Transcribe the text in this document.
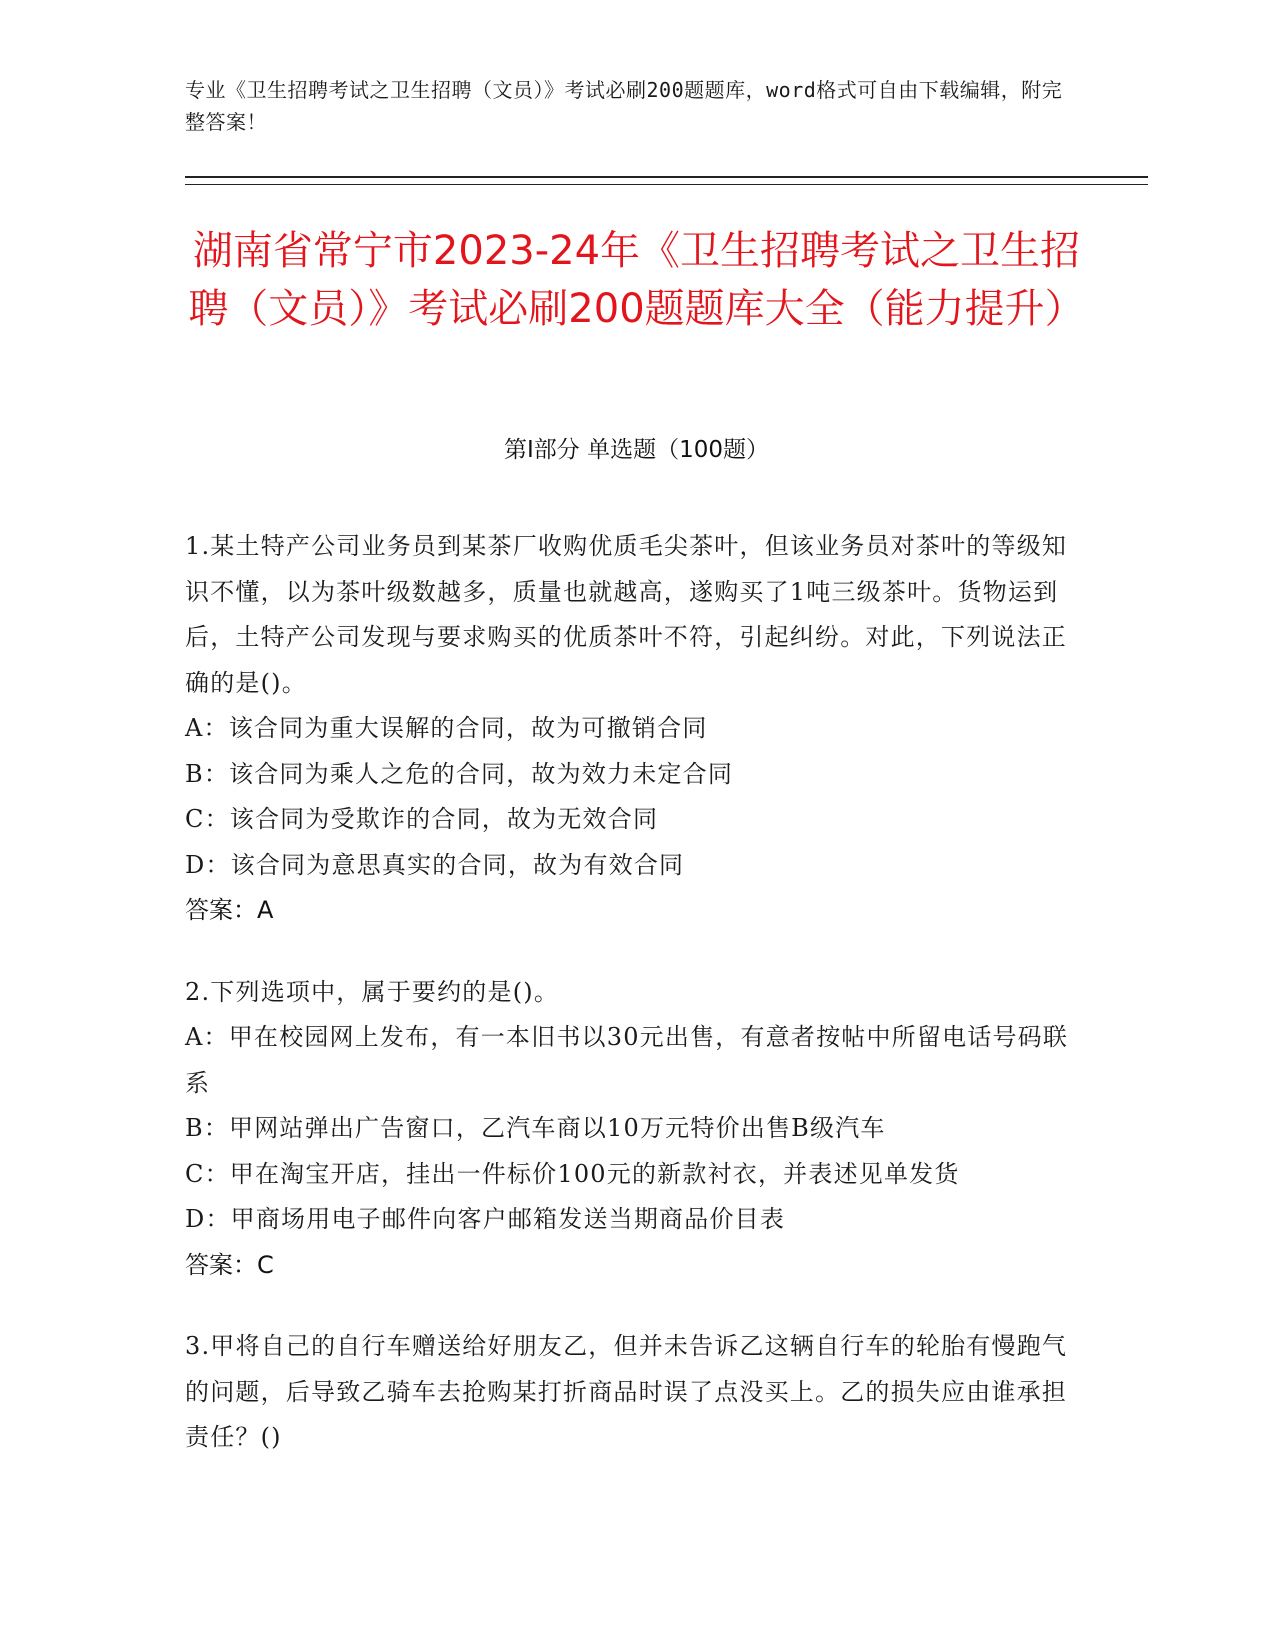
专业《卫生招聘考试之卫生招聘（文员）》考试必刷200题题库，word格式可自由下载编辑，附完整答案！
湖南省常宁市2023-24年《卫生招聘考试之卫生招聘（文员）》考试必刷200题题库大全（能力提升）
第Ⅰ部分 单选题（100题）
1.某土特产公司业务员到某茶厂收购优质毛尖茶叶，但该业务员对茶叶的等级知识不懂，以为茶叶级数越多，质量也就越高，遂购买了1吨三级茶叶。货物运到后，土特产公司发现与要求购买的优质茶叶不符，引起纠纷。对此，下列说法正确的是()。
A：该合同为重大误解的合同，故为可撤销合同
B：该合同为乘人之危的合同，故为效力未定合同
C：该合同为受欺诈的合同，故为无效合同
D：该合同为意思真实的合同，故为有效合同
答案：A
2.下列选项中，属于要约的是()。
A：甲在校园网上发布，有一本旧书以30元出售，有意者按帖中所留电话号码联系
B：甲网站弹出广告窗口，乙汽车商以10万元特价出售B级汽车
C：甲在淘宝开店，挂出一件标价100元的新款衬衣，并表述见单发货
D：甲商场用电子邮件向客户邮箱发送当期商品价目表
答案：C
3.甲将自己的自行车赠送给好朋友乙，但并未告诉乙这辆自行车的轮胎有慢跑气的问题，后导致乙骑车去抢购某打折商品时误了点没买上。乙的损失应由谁承担责任？()
